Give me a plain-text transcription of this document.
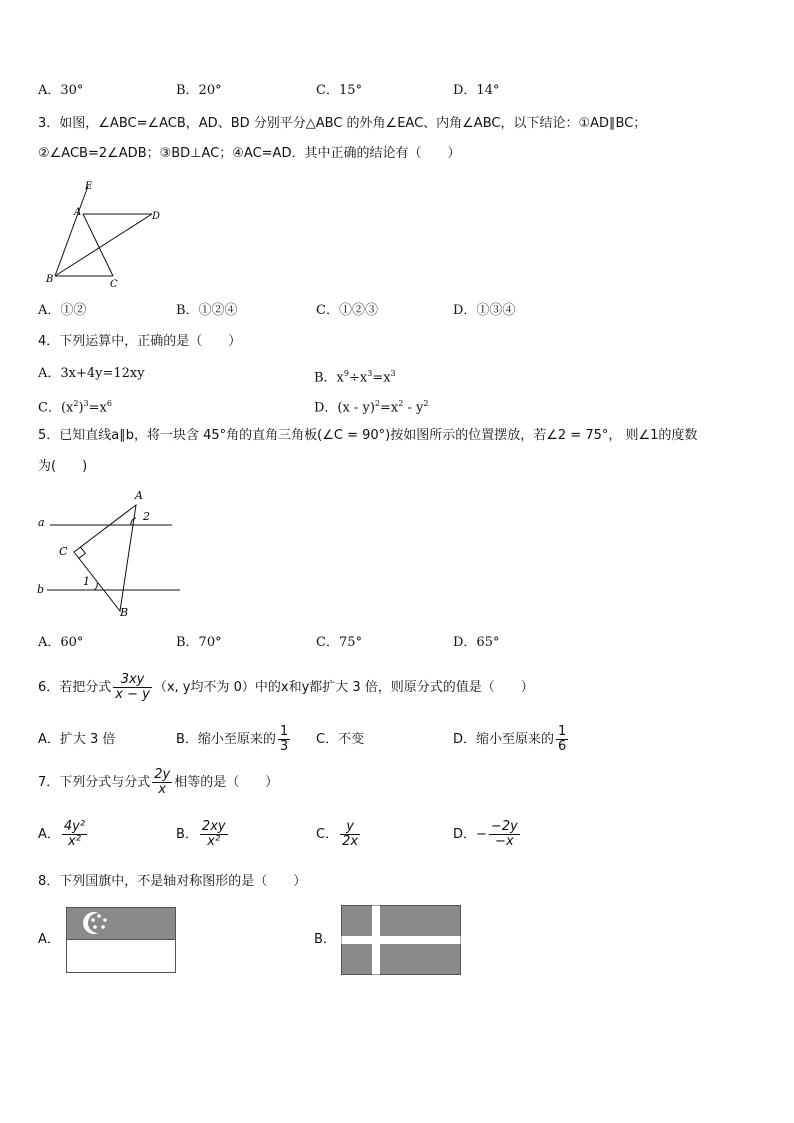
A．30°	B．20°	C．15°	D．14°
3．如图，∠ABC=∠ACB，AD、BD 分别平分△ABC 的外角∠EAC、内角∠ABC，以下结论：①AD∥BC；
②∠ACB=2∠ADB；③BD⊥AC；④AC=AD．其中正确的结论有（　　）
E
A	D
B	C
A．①②	B．①②④	C．①②③	D．①③④
4．下列运算中，正确的是（　　）
A．3x+4y=12xy	B．$x^9\div x^3=x^3$
C．$(x^2)^3=x^6$	D．$(x - y)^2=x^2 - y^2$
5．已知直线a∥b，将一块含 45°角的直角三角板(∠C = 90°)按如图所示的位置摆放，若∠2 = 75°， 则∠1的度数
为(　　)
A
a	2
C
b
1
B
A．60°	B．70°	C．75°	D．65°
6．若把分式 $\frac{3xy}{x - y} (x$, y均不为 0）中的x和y都扩大 3 倍，则原分式的值是（　　）
A．扩大 3 倍	B．缩小至原来的 $\frac{1}{3}$ C．不变	D．缩小至原来的 $\frac{1}{6}$
7．下列分式与分式 $\frac{2y}{x}$ 相等的是（　　）
A． $\frac{\text{4y²}}{\text{x²}}$	B． $\frac{2xy}{\text{x²}}$	C． $\frac{y}{2x}$	D．− $\frac{-2y}{-x}$
8．下列国旗中，不是轴对称图形的是（　　）
A．	B．
